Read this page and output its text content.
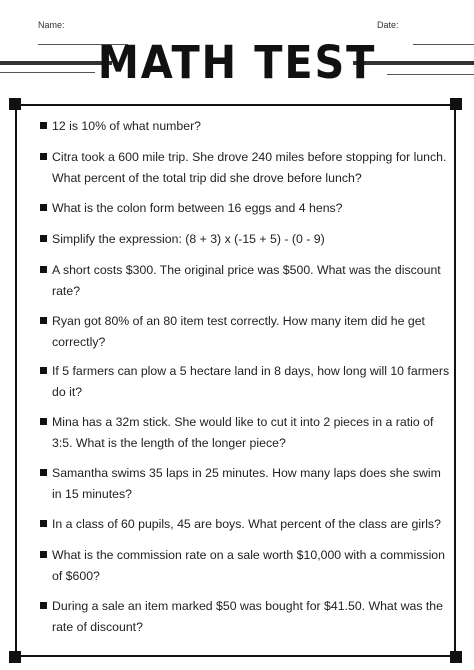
Name:	Date:
MATH TEST
12 is 10% of what number?
Citra took a 600 mile trip. She drove 240 miles before stopping for lunch. What percent of the total trip did she drove before lunch?
What is the colon form between 16 eggs and 4 hens?
Simplify the expression: (8 + 3) x (-15 + 5) - (0 - 9)
A short costs $300. The original price was $500. What was the discount rate?
Ryan got 80% of an 80 item test correctly. How many item did he get correctly?
If 5 farmers can plow a 5 hectare land in 8 days, how long will 10 farmers do it?
Mina has a 32m stick. She would like to cut it into 2 pieces in a ratio of 3:5. What is the length of the longer piece?
Samantha swims 35 laps in 25 minutes. How many laps does she swim in 15 minutes?
In a class of 60 pupils, 45 are boys. What percent of the class are girls?
What is the commission rate on a sale worth $10,000 with a commission of $600?
During a sale an item marked $50 was bought for $41.50. What was the rate of discount?
